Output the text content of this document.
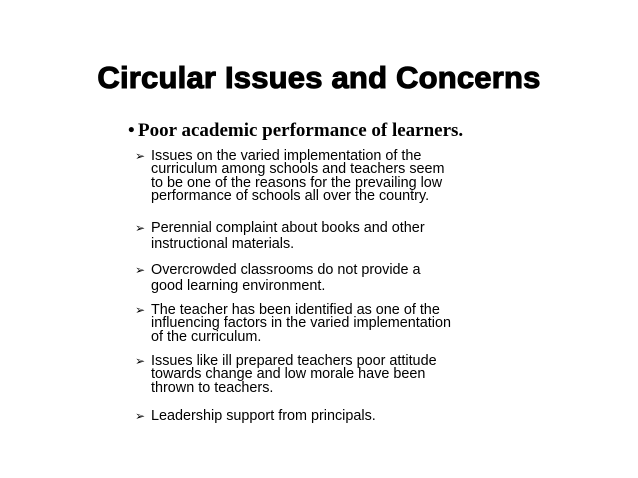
Circular Issues and Concerns
• Poor academic performance of learners.
➢ Issues on the varied implementation of the
curriculum among schools and teachers seem
to be one of the reasons for the prevailing low
performance of schools all over the country.
➢ Perennial complaint about books and other
instructional materials.
➢ Overcrowded classrooms do not provide a
good learning environment.
➢ The teacher has been identified as one of the
influencing factors in the varied implementation
of the curriculum.
➢ Issues like ill prepared teachers poor attitude
towards change and low morale have been
thrown to teachers.
➢ Leadership support from principals.
